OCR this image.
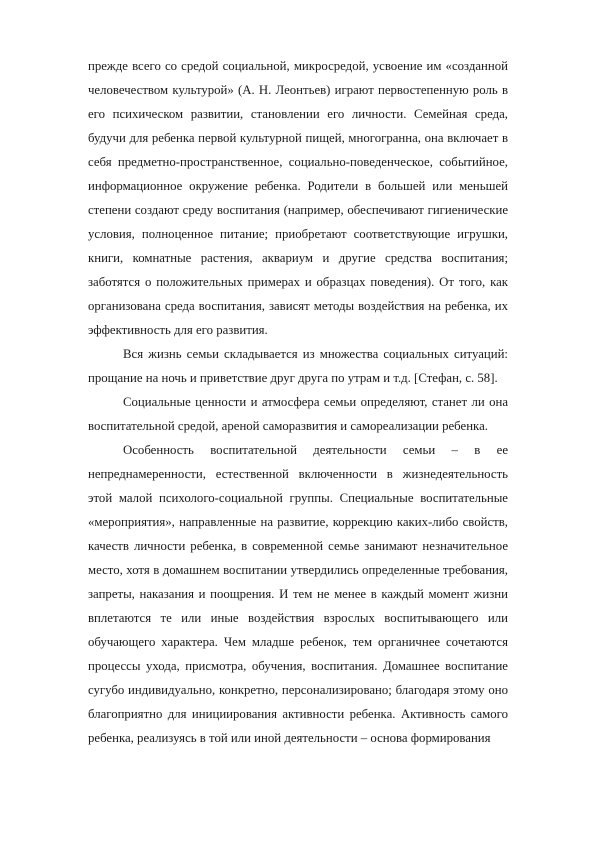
прежде всего со средой социальной, микросредой, усвоение им «созданной человечеством культурой» (А. Н. Леонтьев) играют первостепенную роль в его психическом развитии, становлении его личности. Семейная среда, будучи для ребенка первой культурной пищей, многогранна, она включает в себя предметно-пространственное, социально-поведенческое, событийное, информационное окружение ребенка. Родители в большей или меньшей степени создают среду воспитания (например, обеспечивают гигиенические условия, полноценное питание; приобретают соответствующие игрушки, книги, комнатные растения, аквариум и другие средства воспитания; заботятся о положительных примерах и образцах поведения). От того, как организована среда воспитания, зависят методы воздействия на ребенка, их эффективность для его развития.

Вся жизнь семьи складывается из множества социальных ситуаций: прощание на ночь и приветствие друг друга по утрам и т.д. [Стефан, с. 58].

Социальные ценности и атмосфера семьи определяют, станет ли она воспитательной средой, ареной саморазвития и самореализации ребенка.

Особенность воспитательной деятельности семьи – в ее непреднамеренности, естественной включенности в жизнедеятельность этой малой психолого-социальной группы. Специальные воспитательные «мероприятия», направленные на развитие, коррекцию каких-либо свойств, качеств личности ребенка, в современной семье занимают незначительное место, хотя в домашнем воспитании утвердились определенные требования, запреты, наказания и поощрения. И тем не менее в каждый момент жизни вплетаются те или иные воздействия взрослых воспитывающего или обучающего характера. Чем младше ребенок, тем органичнее сочетаются процессы ухода, присмотра, обучения, воспитания. Домашнее воспитание сугубо индивидуально, конкретно, персонализировано; благодаря этому оно благоприятно для инициирования активности ребенка. Активность самого ребенка, реализуясь в той или иной деятельности – основа формирования
